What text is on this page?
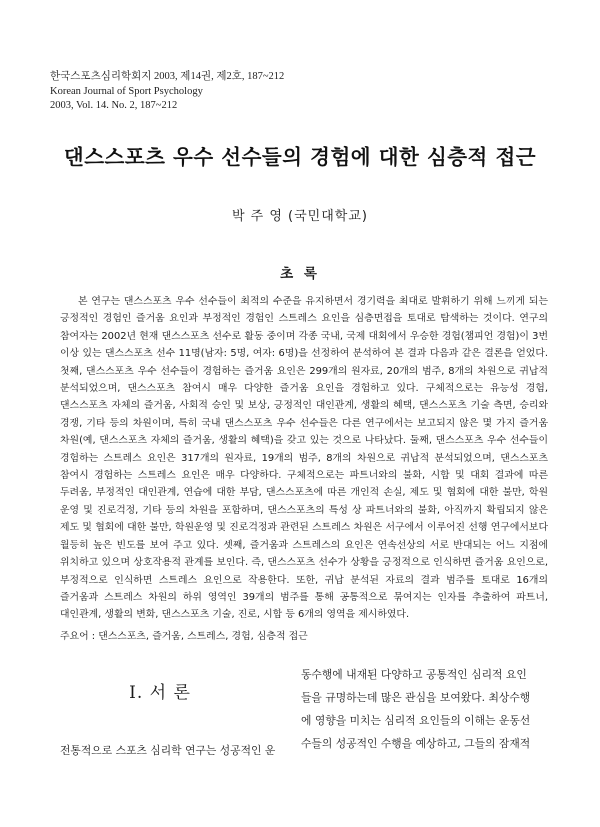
한국스포츠심리학회지 2003, 제14권, 제2호, 187~212
Korean Journal of Sport Psychology
2003, Vol. 14. No. 2, 187~212
댄스스포츠 우수 선수들의 경험에 대한 심층적 접근
박 주 영 (국민대학교)
초 록

본 연구는 댄스스포츠 우수 선수들이 최적의 수준을 유지하면서 경기력을 최대로 발휘하기 위해 느끼게 되는 긍정적인 경험인 즐거움 요인과 부정적인 경험인 스트레스 요인을 심층면접을 토대로 탐색하는 것이다. 연구의 참여자는 2002년 현재 댄스스포츠 선수로 활동 중이며 각종 국내, 국제 대회에서 우승한 경험(챔피언 경험)이 3번 이상 있는 댄스스포츠 선수 11명(남자: 5명, 여자: 6명)을 선정하여 분석하여 본 결과 다음과 같은 결론을 얻었다. 첫째, 댄스스포츠 우수 선수들이 경험하는 즐거움 요인은 299개의 원자료, 20개의 범주, 8개의 차원으로 귀납적 분석되었으며, 댄스스포츠 참여시 매우 다양한 즐거움 요인을 경험하고 있다. 구체적으로는 유능성 경험, 댄스스포츠 자체의 즐거움, 사회적 승인 및 보상, 긍정적인 대인관계, 생활의 혜택, 댄스스포츠 기술 측면, 승리와 경쟁, 기타 등의 차원이며, 특히 국내 댄스스포츠 우수 선수들은 다른 연구에서는 보고되지 않은 몇 가지 즐거움 차원(예, 댄스스포츠 자체의 즐거움, 생활의 혜택)을 갖고 있는 것으로 나타났다. 둘째, 댄스스포츠 우수 선수들이 경험하는 스트레스 요인은 317개의 원자료, 19개의 범주, 8개의 차원으로 귀납적 분석되었으며, 댄스스포츠 참여시 경험하는 스트레스 요인은 매우 다양하다. 구체적으로는 파트너와의 불화, 시합 및 대회 결과에 따른 두려움, 부정적인 대인관계, 연습에 대한 부담, 댄스스포츠에 따른 개인적 손실, 제도 및 협회에 대한 불만, 학원 운영 및 진로걱정, 기타 등의 차원을 포함하며, 댄스스포츠의 특성 상 파트너와의 불화, 아직까지 확립되지 않은 제도 및 협회에 대한 불만, 학원운영 및 진로걱정과 관련된 스트레스 차원은 서구에서 이루어진 선행 연구에서보다 월등히 높은 빈도를 보여 주고 있다. 셋째, 즐거움과 스트레스의 요인은 연속선상의 서로 반대되는 어느 지점에 위치하고 있으며 상호작용적 관계를 보인다. 즉, 댄스스포츠 선수가 상황을 긍정적으로 인식하면 즐거움 요인으로, 부정적으로 인식하면 스트레스 요인으로 작용한다. 또한, 귀납 분석된 자료의 결과 범주를 토대로 16개의 즐거움과 스트레스 차원의 하위 영역인 39개의 범주를 통해 공통적으로 묶여지는 인자를 추출하여 파트너, 대인관계, 생활의 변화, 댄스스포츠 기술, 진로, 시합 등 6개의 영역을 제시하였다.

주요어 : 댄스스포츠, 즐거움, 스트레스, 경험, 심층적 접근
Ⅰ. 서 론

전통적으로 스포츠 심리학 연구는 성공적인 운

동수행에 내재된 다양하고 공통적인 심리적 요인
들을 규명하는데 많은 관심을 보여왔다. 최상수행
에 영향을 미치는 심리적 요인들의 이해는 운동선
수들의 성공적인 수행을 예상하고, 그들의 잠재적
